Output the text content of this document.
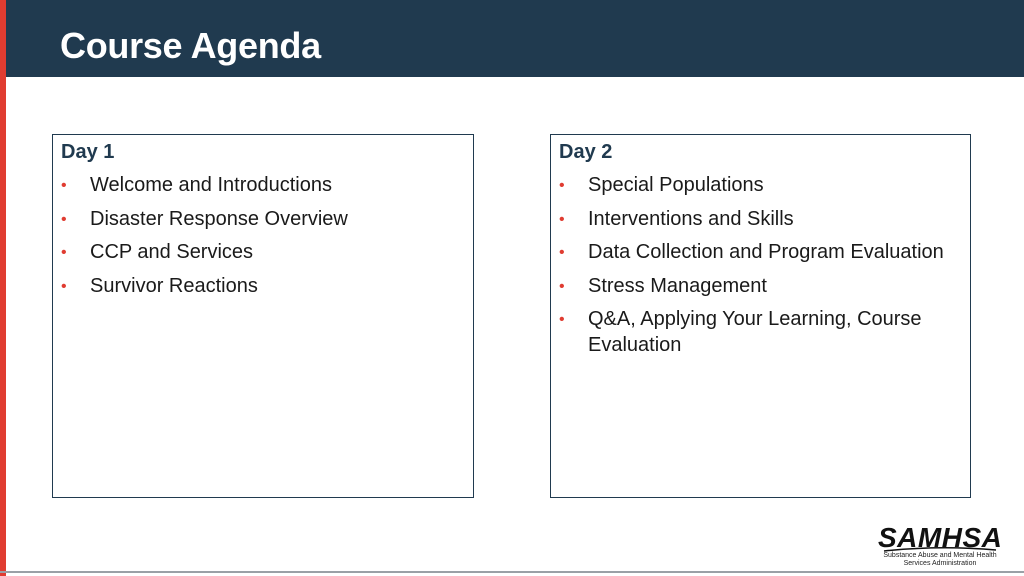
Course Agenda
Day 1
• Welcome and Introductions
• Disaster Response Overview
• CCP and Services
• Survivor Reactions
Day 2
• Special Populations
• Interventions and Skills
• Data Collection and Program Evaluation
• Stress Management
• Q&A, Applying Your Learning, Course Evaluation
SAMHSA
Substance Abuse and Mental Health
Services Administration
